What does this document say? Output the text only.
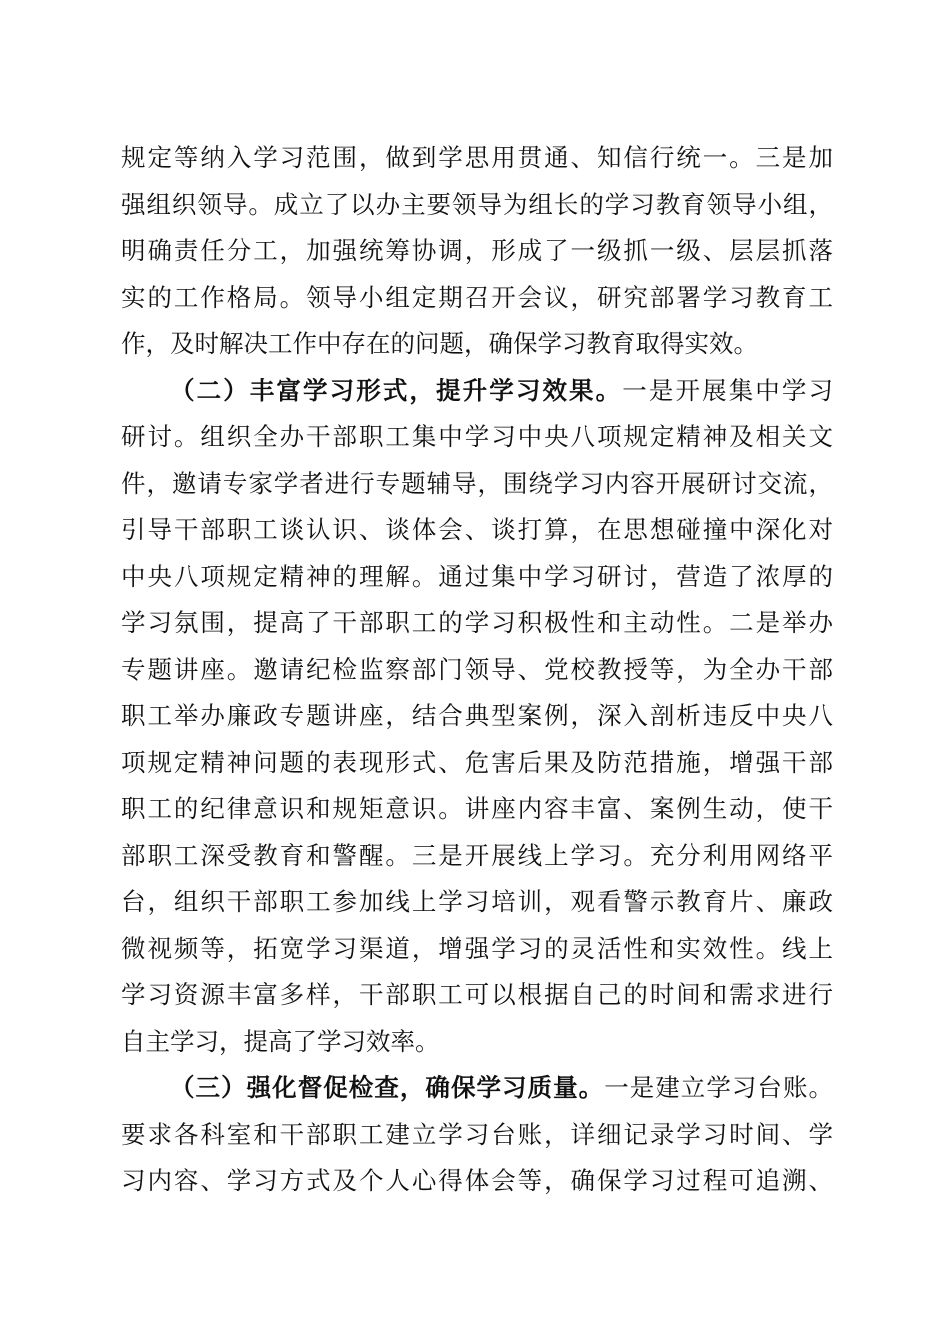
规定等纳入学习范围，做到学思用贯通、知信行统一。三是加
强组织领导。成立了以办主要领导为组长的学习教育领导小组，
明确责任分工，加强统筹协调，形成了一级抓一级、层层抓落
实的工作格局。领导小组定期召开会议，研究部署学习教育工
作，及时解决工作中存在的问题，确保学习教育取得实效。
（二）丰富学习形式，提升学习效果。一是开展集中学习
研讨。组织全办干部职工集中学习中央八项规定精神及相关文
件，邀请专家学者进行专题辅导，围绕学习内容开展研讨交流，
引导干部职工谈认识、谈体会、谈打算，在思想碰撞中深化对
中央八项规定精神的理解。通过集中学习研讨，营造了浓厚的
学习氛围，提高了干部职工的学习积极性和主动性。二是举办
专题讲座。邀请纪检监察部门领导、党校教授等，为全办干部
职工举办廉政专题讲座，结合典型案例，深入剖析违反中央八
项规定精神问题的表现形式、危害后果及防范措施，增强干部
职工的纪律意识和规矩意识。讲座内容丰富、案例生动，使干
部职工深受教育和警醒。三是开展线上学习。充分利用网络平
台，组织干部职工参加线上学习培训，观看警示教育片、廉政
微视频等，拓宽学习渠道，增强学习的灵活性和实效性。线上
学习资源丰富多样，干部职工可以根据自己的时间和需求进行
自主学习，提高了学习效率。
（三）强化督促检查，确保学习质量。一是建立学习台账。
要求各科室和干部职工建立学习台账，详细记录学习时间、学
习内容、学习方式及个人心得体会等，确保学习过程可追溯、
